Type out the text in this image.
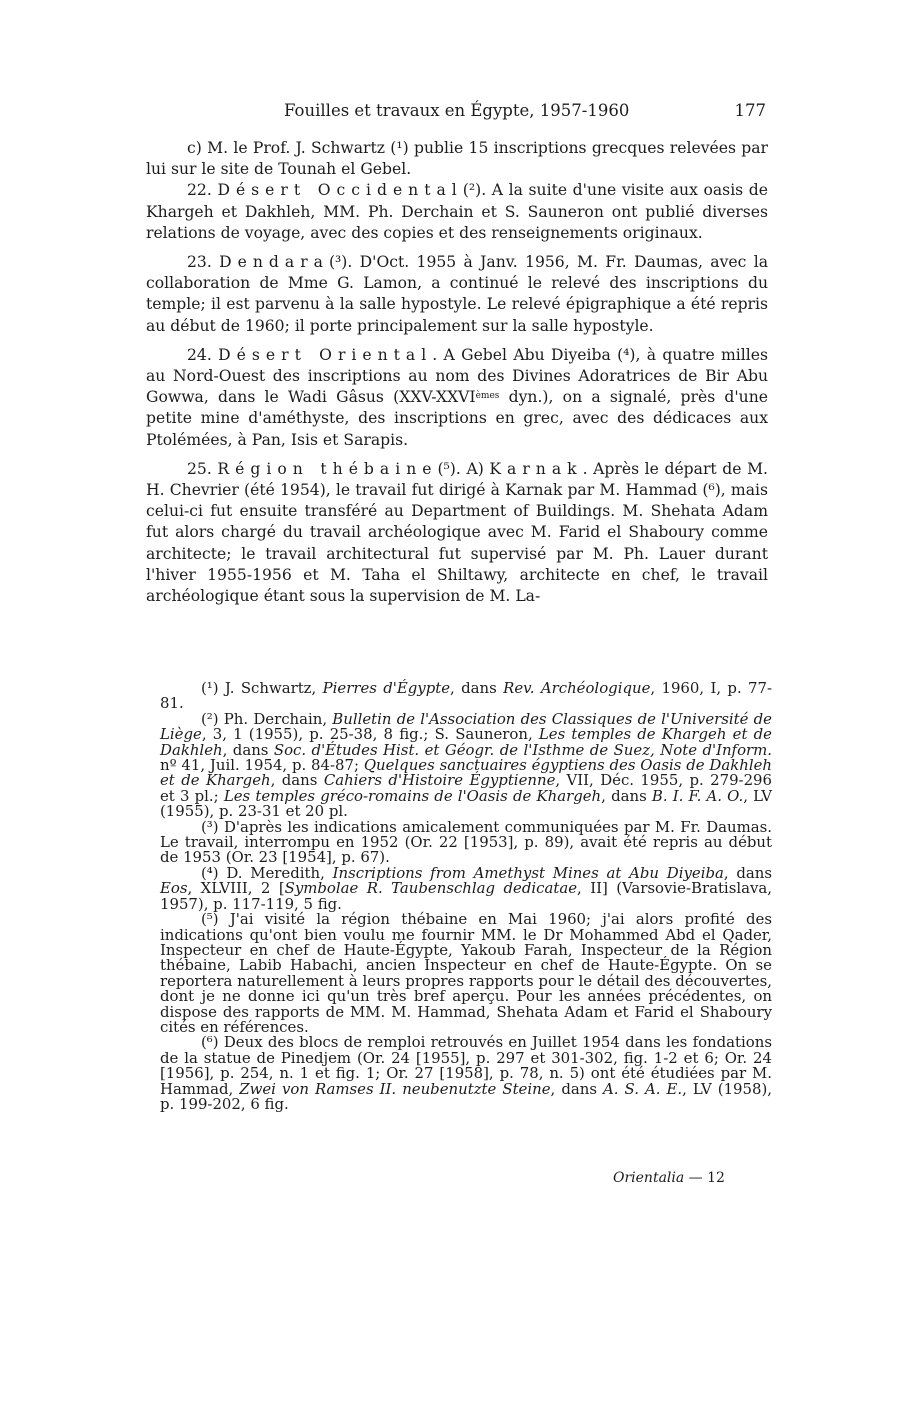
Fouilles et travaux en Égypte, 1957-1960	177

c) M. le Prof. J. Schwartz (¹) publie 15 inscriptions grecques relevées par lui sur le site de Tounah el Gebel.

22. Désert Occidental(²). A la suite d'une visite aux oasis de Khargeh et Dakhleh, MM. Ph. Derchain et S. Sauneron ont publié diverses relations de voyage, avec des copies et des renseignements originaux.

23. Dendara(³). D'Oct. 1955 à Janv. 1956, M. Fr. Daumas, avec la collaboration de Mme G. Lamon, a continué le relevé des inscriptions du temple; il est parvenu à la salle hypostyle. Le relevé épigraphique a été repris au début de 1960; il porte principalement sur la salle hypostyle.

24. Désert Oriental. A Gebel Abu Diyeiba (⁴), à quatre milles au Nord-Ouest des inscriptions au nom des Divines Adoratrices de Bir Abu Gowwa, dans le Wadi Gâsus (XXV-XXVIèmes dyn.), on a signalé, près d'une petite mine d'améthyste, des inscriptions en grec, avec des dédicaces aux Ptolémées, à Pan, Isis et Sarapis.

25. Région thébaine(⁵). A) Karnak. Après le départ de M. H. Chevrier (été 1954), le travail fut dirigé à Karnak par M. Hammad (⁶), mais celui-ci fut ensuite transféré au Department of Buildings. M. Shehata Adam fut alors chargé du travail archéologique avec M. Farid el Shaboury comme architecte; le travail architectural fut supervisé par M. Ph. Lauer durant l'hiver 1955-1956 et M. Taha el Shiltawy, architecte en chef, le travail archéologique étant sous la supervision de M. La-

(¹) J. Schwartz, Pierres d'Égypte, dans Rev. Archéologique, 1960, I, p. 77-81.

(²) Ph. Derchain, Bulletin de l'Association des Classiques de l'Université de Liège, 3, 1 (1955), p. 25-38, 8 fig.; S. Sauneron, Les temples de Khargeh et de Dakhleh, dans Soc. d'Études Hist. et Géogr. de l'Isthme de Suez, Note d'Inform. nº 41, Juil. 1954, p. 84-87; Quelques sanctuaires égyptiens des Oasis de Dakhleh et de Khargeh, dans Cahiers d'Histoire Égyptienne, VII, Déc. 1955, p. 279-296 et 3 pl.; Les temples gréco-romains de l'Oasis de Khargeh, dans B. I. F. A. O., LV (1955), p. 23-31 et 20 pl.

(³) D'après les indications amicalement communiquées par M. Fr. Daumas. Le travail, interrompu en 1952 (Or. 22 [1953], p. 89), avait été repris au début de 1953 (Or. 23 [1954], p. 67).

(⁴) D. Meredith, Inscriptions from Amethyst Mines at Abu Diyeiba, dans Eos, XLVIII, 2 [Symbolae R. Taubenschlag dedicatae, II] (Varsovie-Bratislava, 1957), p. 117-119, 5 fig.

(⁵) J'ai visité la région thébaine en Mai 1960; j'ai alors profité des indications qu'ont bien voulu me fournir MM. le Dr Mohammed Abd el Qader, Inspecteur en chef de Haute-Égypte, Yakoub Farah, Inspecteur de la Région thébaine, Labib Habachi, ancien Inspecteur en chef de Haute-Égypte. On se reportera naturellement à leurs propres rapports pour le détail des découvertes, dont je ne donne ici qu'un très bref aperçu. Pour les années précédentes, on dispose des rapports de MM. M. Hammad, Shehata Adam et Farid el Shaboury cités en références.

(⁶) Deux des blocs de remploi retrouvés en Juillet 1954 dans les fondations de la statue de Pinedjem (Or. 24 [1955], p. 297 et 301-302, fig. 1-2 et 6; Or. 24 [1956], p. 254, n. 1 et fig. 1; Or. 27 [1958], p. 78, n. 5) ont été étudiées par M. Hammad, Zwei von Ramses II. neubenutzte Steine, dans A. S. A. E., LV (1958), p. 199-202, 6 fig.

Orientalia — 12
